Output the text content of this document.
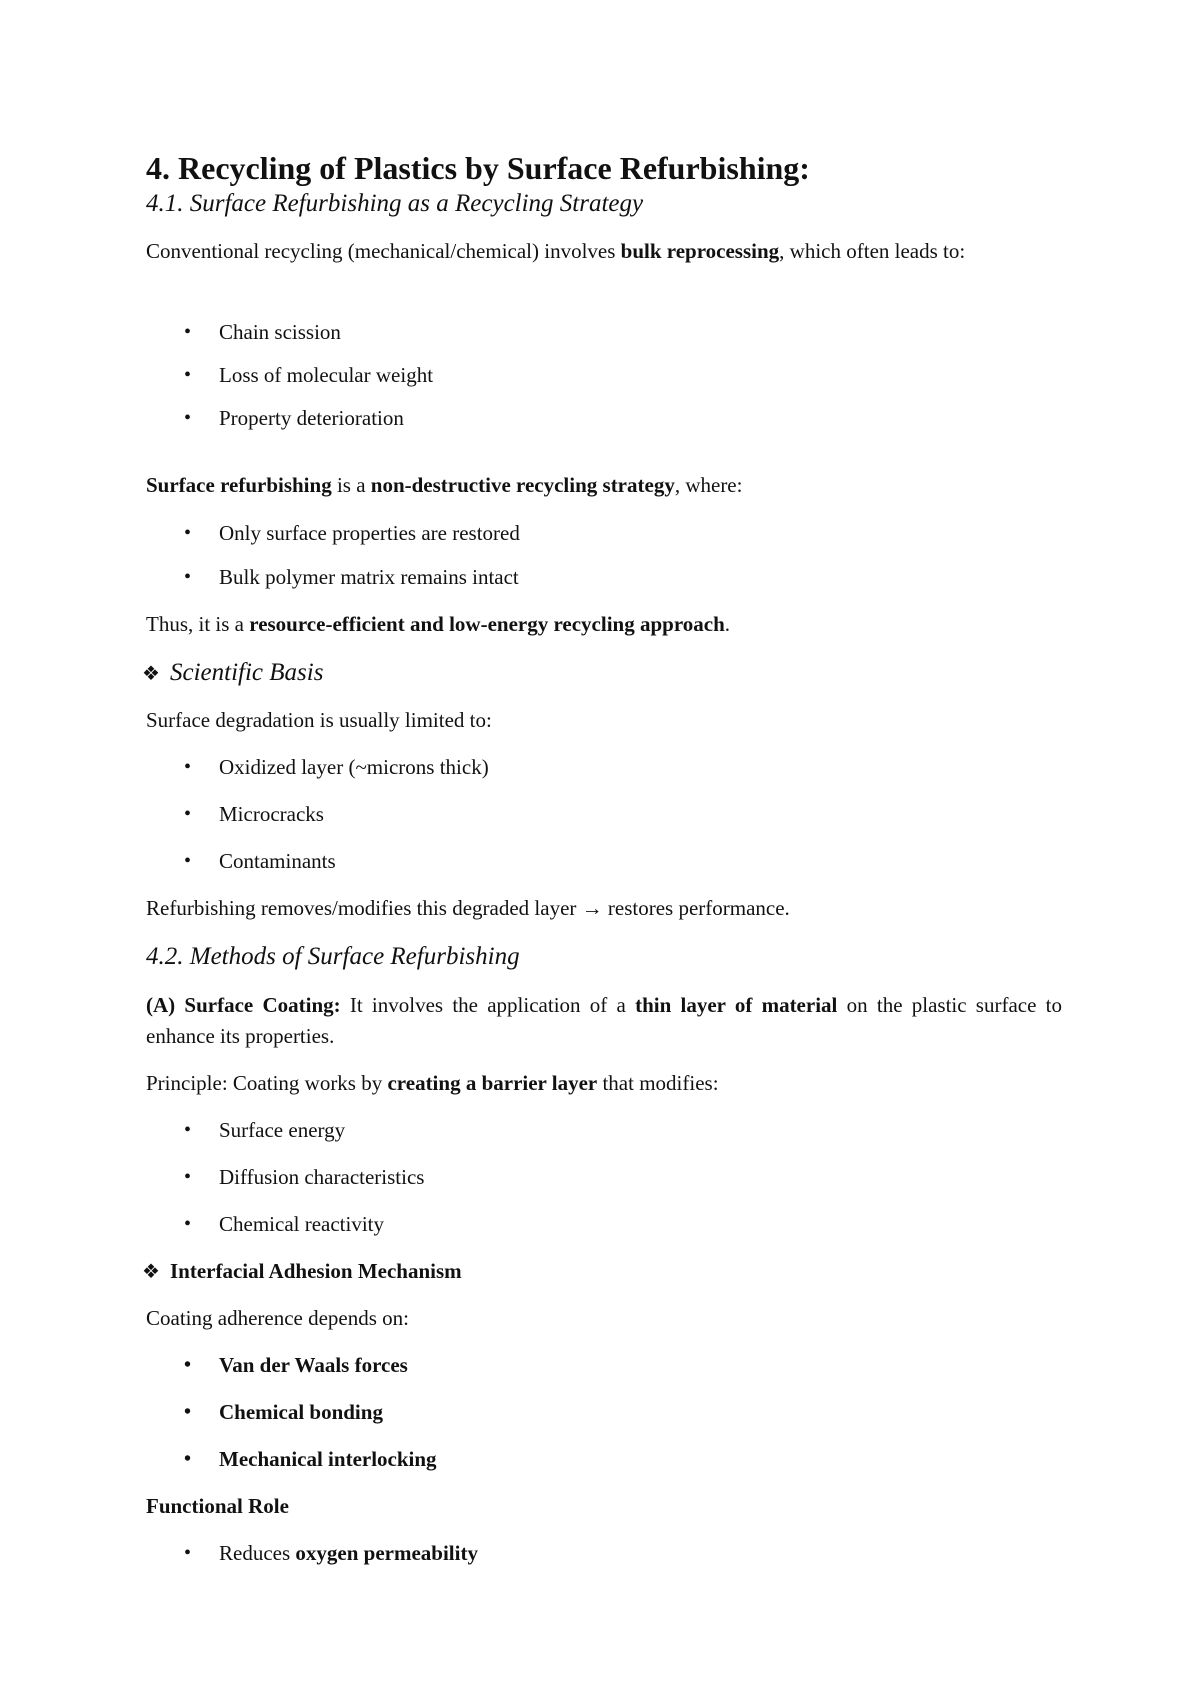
4. Recycling of Plastics by Surface Refurbishing:
4.1. Surface Refurbishing as a Recycling Strategy

Conventional recycling (mechanical/chemical) involves bulk reprocessing, which often leads to:

• Chain scission
• Loss of molecular weight
• Property deterioration

Surface refurbishing is a non-destructive recycling strategy, where:

• Only surface properties are restored
• Bulk polymer matrix remains intact

Thus, it is a resource-efficient and low-energy recycling approach.

❖ Scientific Basis

Surface degradation is usually limited to:

• Oxidized layer (~microns thick)
• Microcracks
• Contaminants

Refurbishing removes/modifies this degraded layer → restores performance.

4.2. Methods of Surface Refurbishing

(A) Surface Coating: It involves the application of a thin layer of material on the plastic surface to enhance its properties.

Principle: Coating works by creating a barrier layer that modifies:

• Surface energy
• Diffusion characteristics
• Chemical reactivity
❖ Interfacial Adhesion Mechanism

Coating adherence depends on:

• Van der Waals forces
• Chemical bonding
• Mechanical interlocking

Functional Role

• Reduces oxygen permeability
